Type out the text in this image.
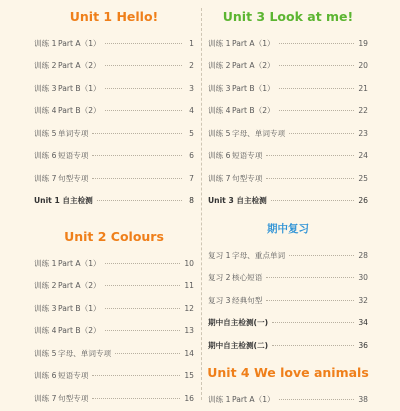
Unit 1 Hello!
训练 1 Part A（1）	1
训练 2 Part A（2）	2
训练 3 Part B（1）	3
训练 4 Part B（2）	4
训练 5 单词专项	5
训练 6 短语专项	6
训练 7 句型专项	7
Unit 1 自主检测	8
Unit 2 Colours
训练 1 Part A（1）	10
训练 2 Part A（2）	11
训练 3 Part B（1）	12
训练 4 Part B（2）	13
训练 5 字母、单词专项	14
训练 6 短语专项	15
训练 7 句型专项	16
Unit 3 Look at me!
训练 1 Part A（1）	19
训练 2 Part A（2）	20
训练 3 Part B（1）	21
训练 4 Part B（2）	22
训练 5 字母、单词专项	23
训练 6 短语专项	24
训练 7 句型专项	25
Unit 3 自主检测	26
期中复习
复习 1 字母、重点单词	28
复习 2 核心短语	30
复习 3 经典句型	32
期中自主检测(一)	34
期中自主检测(二)	36
Unit 4 We love animals
训练 1 Part A（1）	38
